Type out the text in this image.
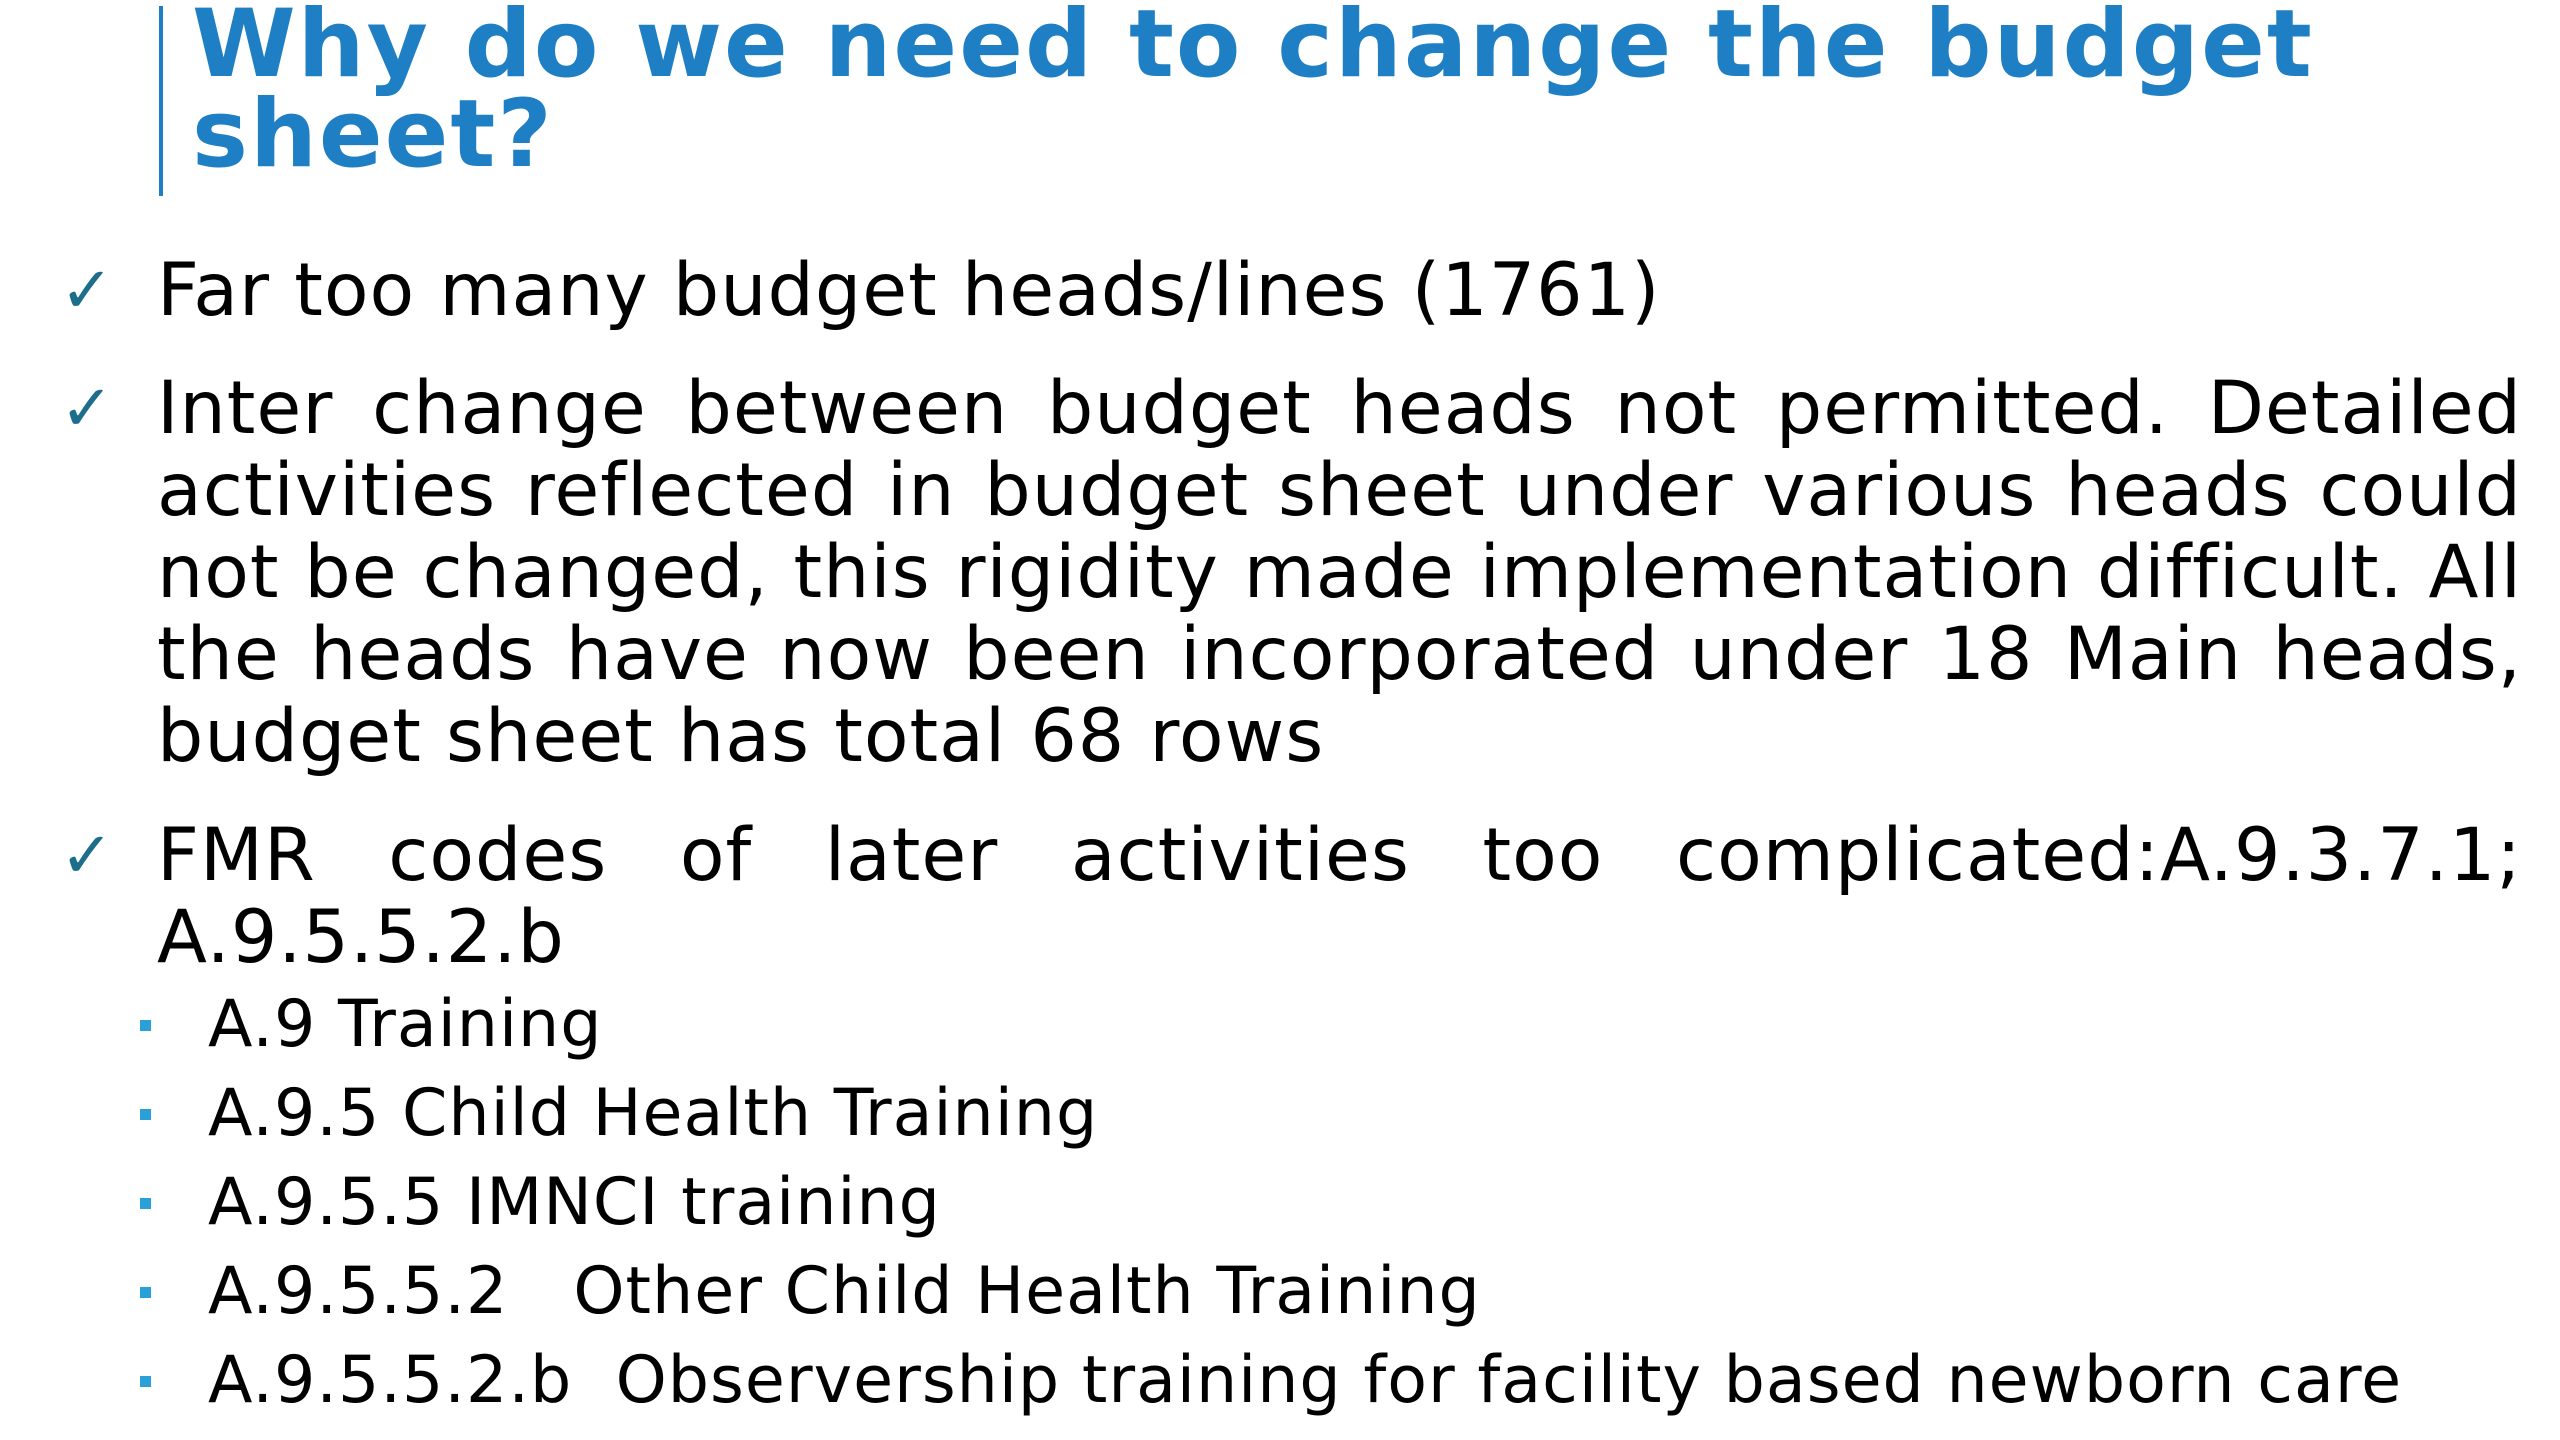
Why do we need to change the budget sheet?
✓ Far too many budget heads/lines (1761)
✓ Inter change between budget heads not permitted. Detailed activities reflected in budget sheet under various heads could not be changed, this rigidity made implementation difficult. All the heads have now been incorporated under 18 Main heads, budget sheet has total 68 rows
✓ FMR codes of later activities too complicated:A.9.3.7.1; A.9.5.5.2.b
A.9 Training
A.9.5 Child Health Training
A.9.5.5 IMNCI training
A.9.5.5.2   Other Child Health Training
A.9.5.5.2.b  Observership training for facility based newborn care
